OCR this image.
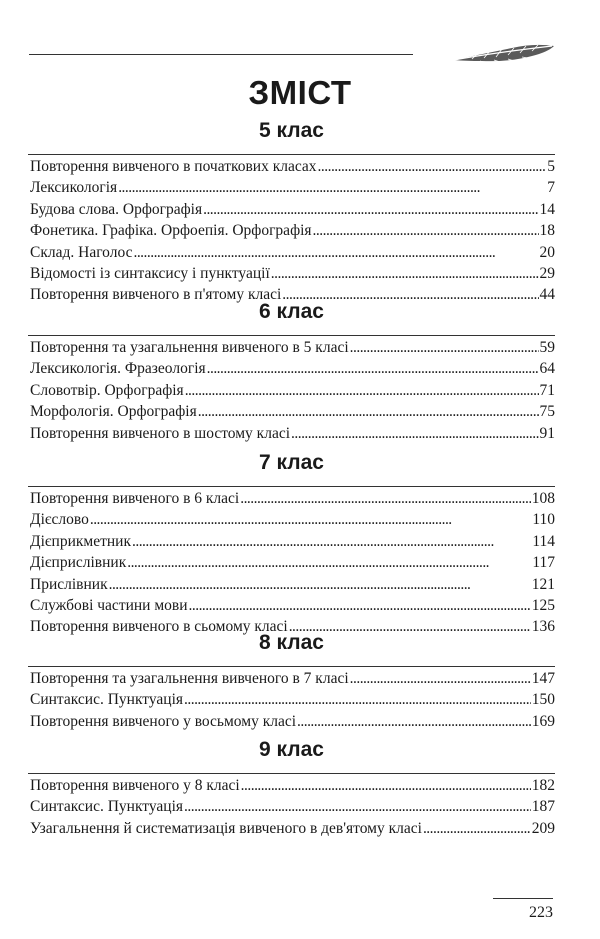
ЗМІСТ
5 клас
Повторення вивченого в початкових класах . . .	5
Лексикологія . . .	7
Будова слова. Орфографія . . .	14
Фонетика. Графіка. Орфоепія. Орфографія . . .	18
Склад. Наголос . . .	20
Відомості із синтаксису і пунктуації . . .	29
Повторення вивченого в п'ятому класі . . .	44
6 клас
Повторення та узагальнення вивченого в 5 класі . . .	59
Лексикологія. Фразеологія . . .	64
Словотвір. Орфографія . . .	71
Морфологія. Орфографія . . .	75
Повторення вивченого в шостому класі . . .	91
7 клас
Повторення вивченого в 6 класі . . .	108
Дієслово . . .	110
Дієприкметник . . .	114
Дієприслівник . . .	117
Прислівник . . .	121
Службові частини мови . . .	125
Повторення вивченого в сьомому класі . . .	136
8 клас
Повторення та узагальнення вивченого в 7 класі . . .	147
Синтаксис. Пунктуація . . .	150
Повторення вивченого у восьмому класі . . .	169
9 клас
Повторення вивченого у 8 класі . . .	182
Синтаксис. Пунктуація . . .	187
Узагальнення й систематизація вивченого в дев'ятому класі . . .	209
223
